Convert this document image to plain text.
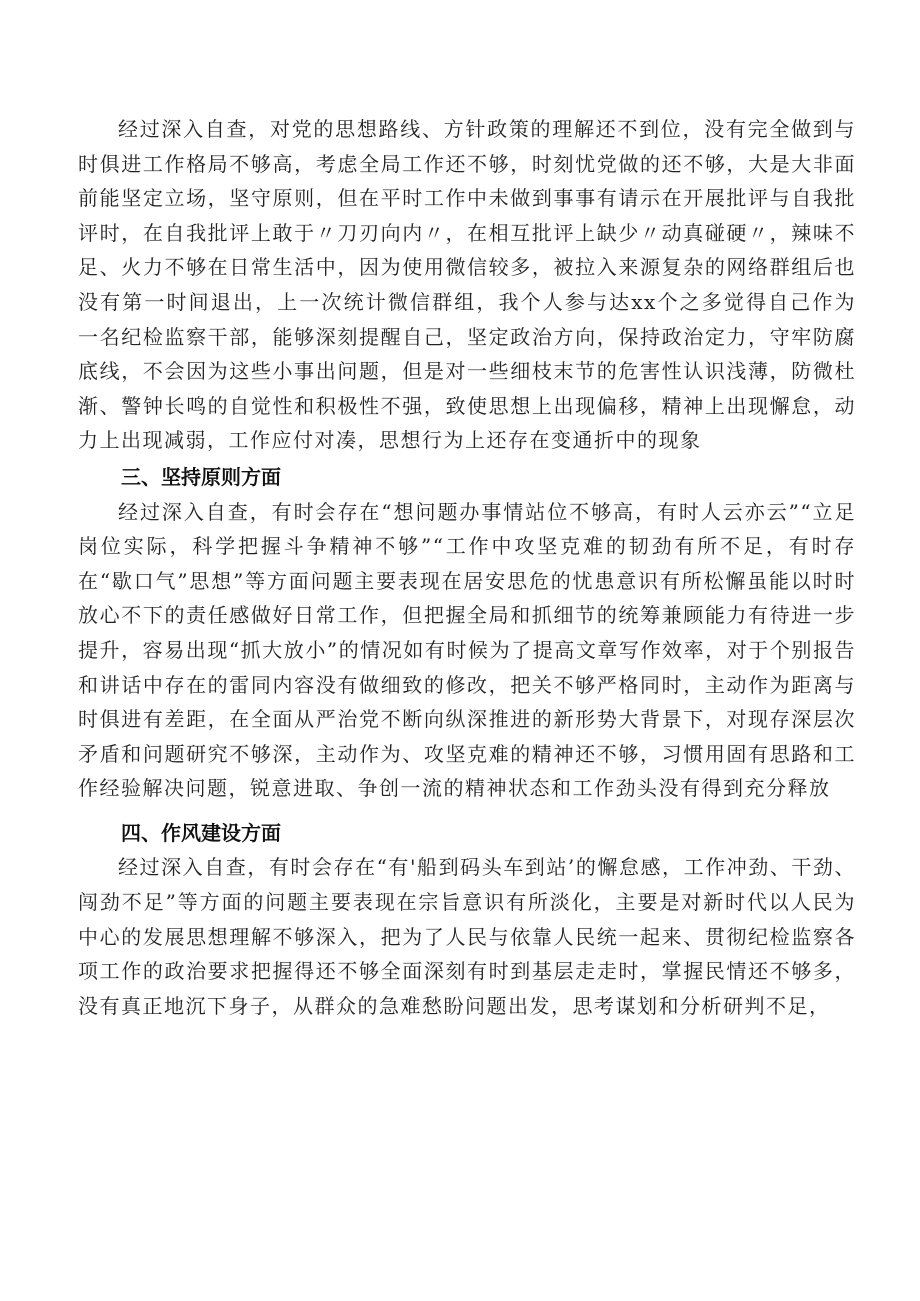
经过深入自查，对党的思想路线、方针政策的理解还不到位，没有完全做到与时俱进工作格局不够高，考虑全局工作还不够，时刻忧党做的还不够，大是大非面前能坚定立场，坚守原则，但在平时工作中未做到事事有请示在开展批评与自我批评时，在自我批评上敢于〃刀刃向内〃，在相互批评上缺少〃动真碰硬〃，辣味不足、火力不够在日常生活中，因为使用微信较多，被拉入来源复杂的网络群组后也没有第一时间退出，上一次统计微信群组，我个人参与达xx个之多觉得自己作为一名纪检监察干部，能够深刻提醒自己，坚定政治方向，保持政治定力，守牢防腐底线，不会因为这些小事出问题，但是对一些细枝末节的危害性认识浅薄，防微杜渐、警钟长鸣的自觉性和积极性不强，致使思想上出现偏移，精神上出现懈怠，动力上出现减弱，工作应付对凑，思想行为上还存在变通折中的现象

三、坚持原则方面

经过深入自查，有时会存在“想问题办事情站位不够高，有时人云亦云”“立足岗位实际，科学把握斗争精神不够”“工作中攻坚克难的韧劲有所不足，有时存在“歇口气”思想”等方面问题主要表现在居安思危的忧患意识有所松懈虽能以时时放心不下的责任感做好日常工作，但把握全局和抓细节的统筹兼顾能力有待进一步提升，容易出现“抓大放小”的情况如有时候为了提高文章写作效率，对于个别报告和讲话中存在的雷同内容没有做细致的修改，把关不够严格同时，主动作为距离与时俱进有差距，在全面从严治党不断向纵深推进的新形势大背景下，对现存深层次矛盾和问题研究不够深，主动作为、攻坚克难的精神还不够，习惯用固有思路和工作经验解决问题，锐意进取、争创一流的精神状态和工作劲头没有得到充分释放

四、作风建设方面

经过深入自查，有时会存在“有'船到码头车到站’的懈怠感，工作冲劲、干劲、闯劲不足”等方面的问题主要表现在宗旨意识有所淡化，主要是对新时代以人民为中心的发展思想理解不够深入，把为了人民与依靠人民统一起来、贯彻纪检监察各项工作的政治要求把握得还不够全面深刻有时到基层走走时，掌握民情还不够多，没有真正地沉下身子，从群众的急难愁盼问题出发，思考谋划和分析研判不足，
